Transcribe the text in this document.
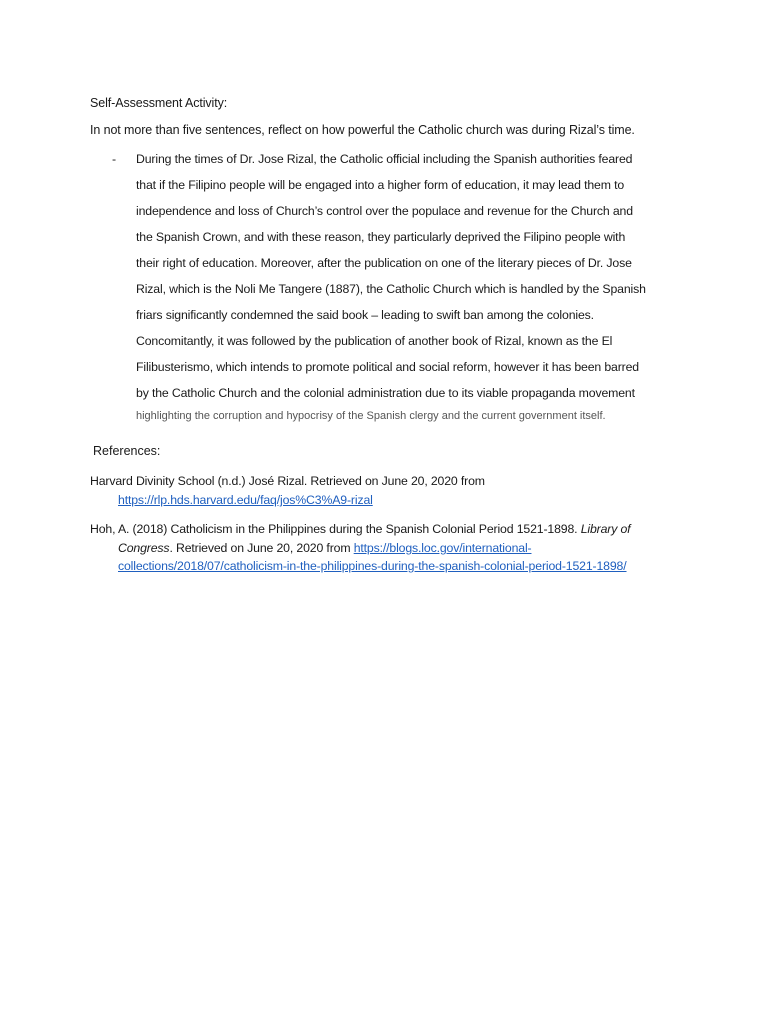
Self-Assessment Activity:
In not more than five sentences, reflect on how powerful the Catholic church was during Rizal’s time.
- During the times of Dr. Jose Rizal, the Catholic official including the Spanish authorities feared
that if the Filipino people will be engaged into a higher form of education, it may lead them to
independence and loss of Church’s control over the populace and revenue for the Church and
the Spanish Crown, and with these reason, they particularly deprived the Filipino people with
their right of education. Moreover, after the publication on one of the literary pieces of Dr. Jose
Rizal, which is the Noli Me Tangere (1887), the Catholic Church which is handled by the Spanish
friars significantly condemned the said book – leading to swift ban among the colonies.
Concomitantly, it was followed by the publication of another book of Rizal, known as the El
Filibusterismo, which intends to promote political and social reform, however it has been barred
by the Catholic Church and the colonial administration due to its viable propaganda movement
highlighting the corruption and hypocrisy of the Spanish clergy and the current government itself.
References:
Harvard Divinity School (n.d.) José Rizal. Retrieved on June 20, 2020 from
https://rlp.hds.harvard.edu/faq/jos%C3%A9-rizal
Hoh, A. (2018) Catholicism in the Philippines during the Spanish Colonial Period 1521-1898. Library of
Congress. Retrieved on June 20, 2020 from https://blogs.loc.gov/international-
collections/2018/07/catholicism-in-the-philippines-during-the-spanish-colonial-period-1521-1898/
